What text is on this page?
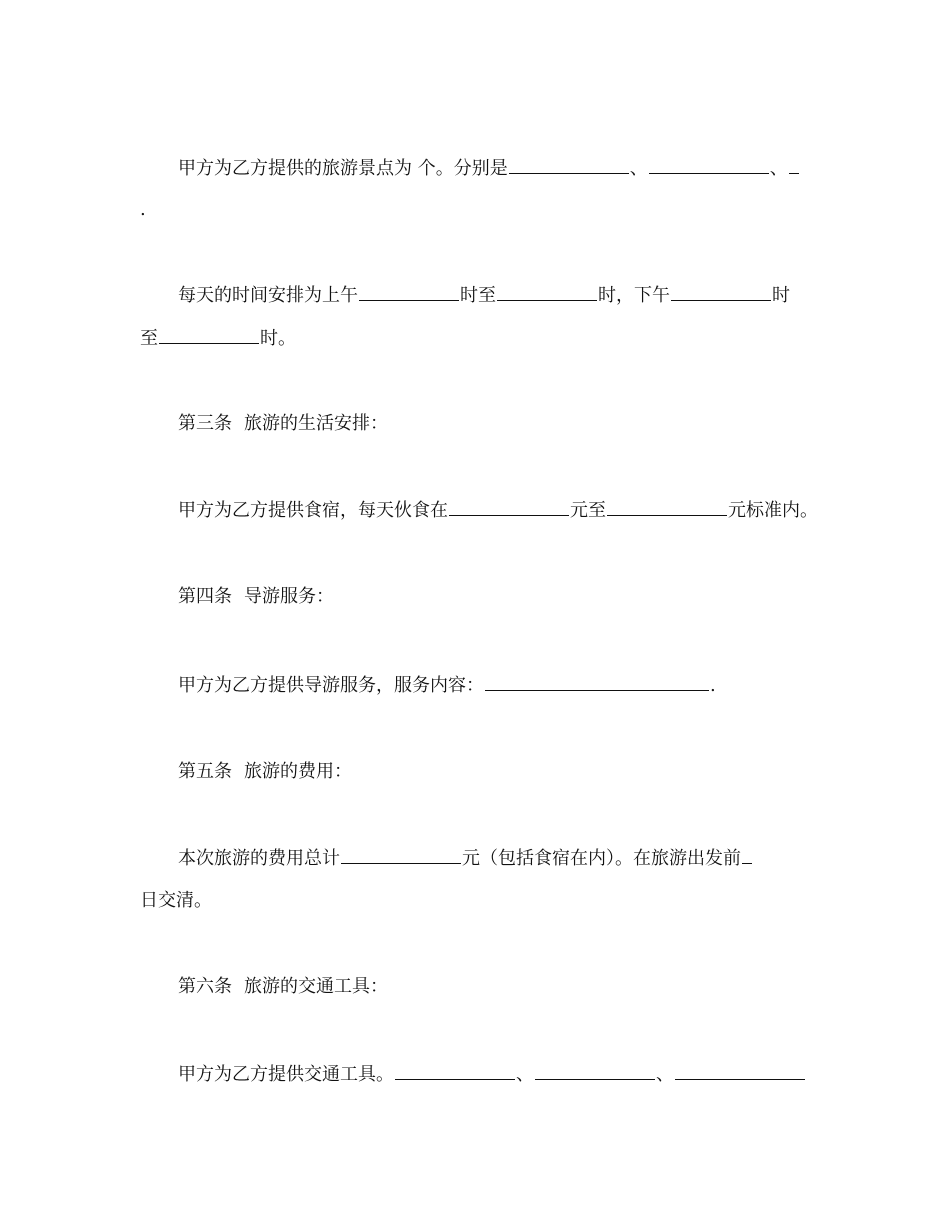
甲方为乙方提供的旅游景点为 个。分别是	、	、
.
每天的时间安排为上午	时至	时，下午	时
至	时。
第三条 旅游的生活安排：
甲方为乙方提供食宿，每天伙食在	元至	元标准内。
第四条 导游服务：
甲方为乙方提供导游服务，服务内容：	.
第五条 旅游的费用：
本次旅游的费用总计	元（包括食宿在内）。在旅游出发前
日交清。
第六条 旅游的交通工具：
甲方为乙方提供交通工具。	、	、
